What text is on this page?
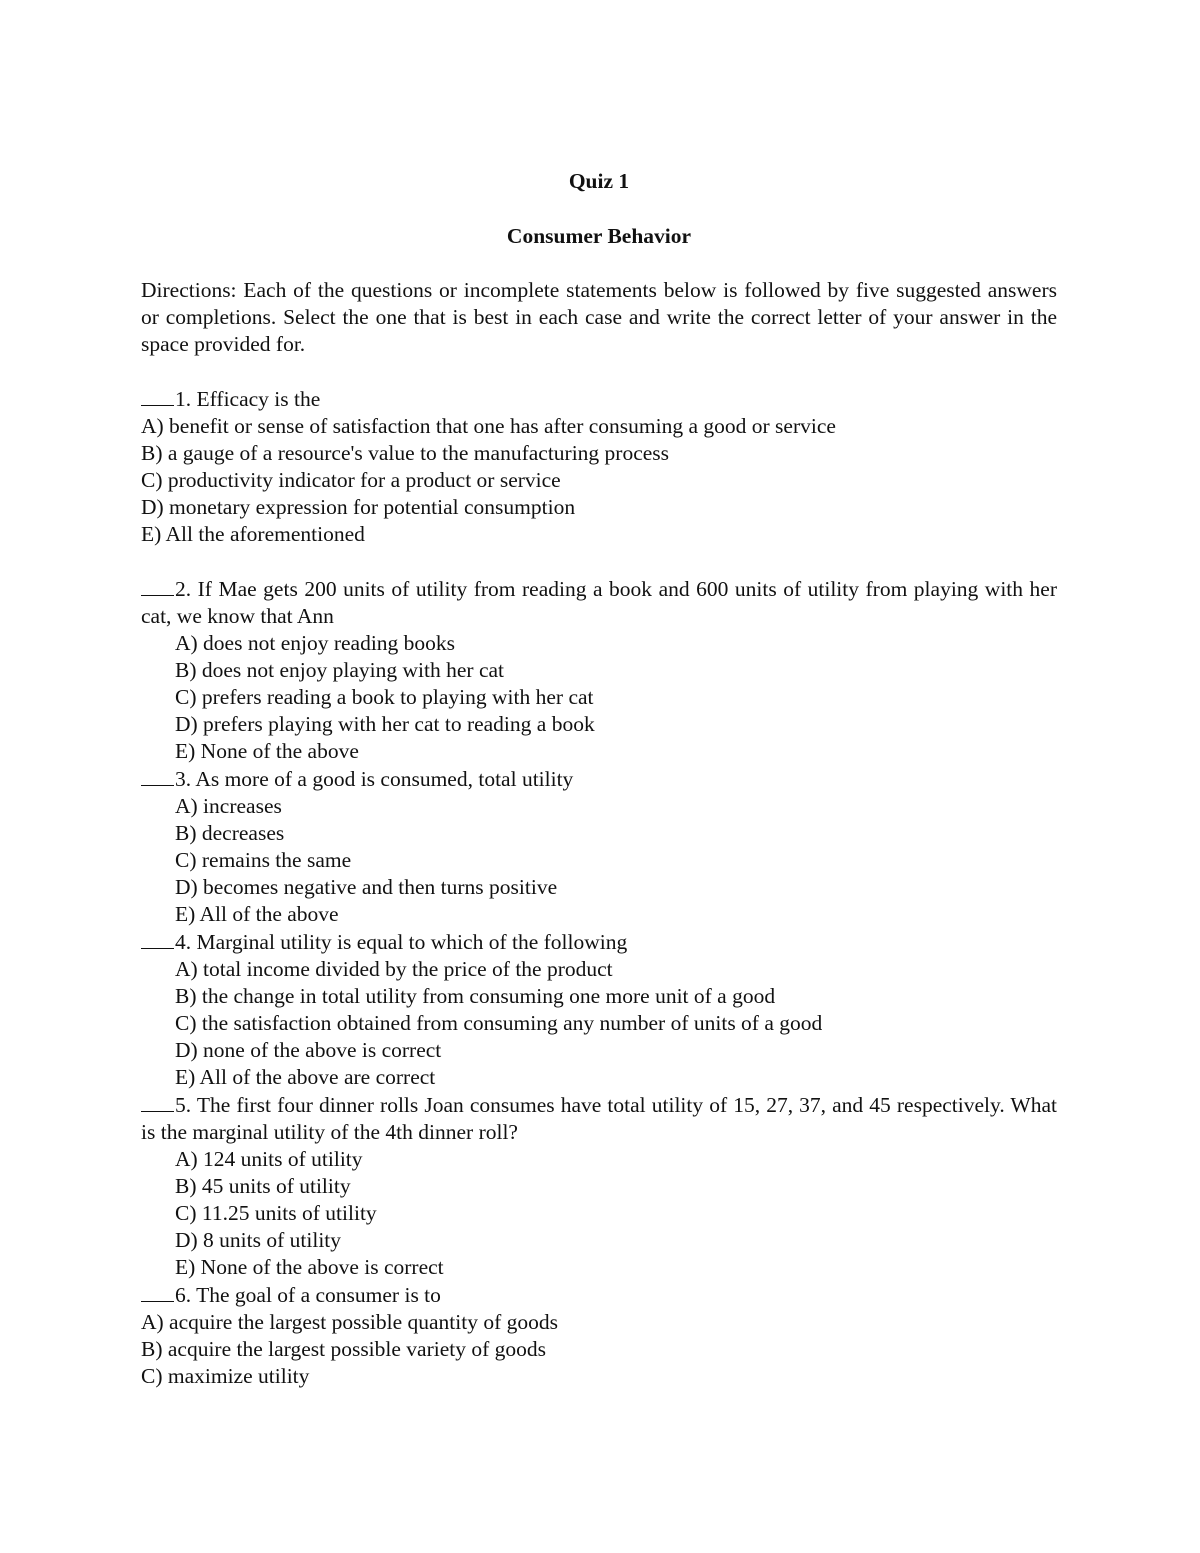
Quiz 1
Consumer Behavior
Directions: Each of the questions or incomplete statements below is followed by five suggested answers or completions. Select the one that is best in each case and write the correct letter of your answer in the space provided for.
1. Efficacy is the
A) benefit or sense of satisfaction that one has after consuming a good or service
B) a gauge of a resource's value to the manufacturing process
C) productivity indicator for a product or service
D) monetary expression for potential consumption
E) All the aforementioned
2. If Mae gets 200 units of utility from reading a book and 600 units of utility from playing with her cat, we know that Ann
A) does not enjoy reading books
B) does not enjoy playing with her cat
C) prefers reading a book to playing with her cat
D) prefers playing with her cat to reading a book
E) None of the above
3. As more of a good is consumed, total utility
A) increases
B) decreases
C) remains the same
D) becomes negative and then turns positive
E) All of the above
4. Marginal utility is equal to which of the following
A) total income divided by the price of the product
B) the change in total utility from consuming one more unit of a good
C) the satisfaction obtained from consuming any number of units of a good
D) none of the above is correct
E) All of the above are correct
5. The first four dinner rolls Joan consumes have total utility of 15, 27, 37, and 45 respectively. What is the marginal utility of the 4th dinner roll?
A) 124 units of utility
B) 45 units of utility
C) 11.25 units of utility
D) 8 units of utility
E) None of the above is correct
6. The goal of a consumer is to
A) acquire the largest possible quantity of goods
B) acquire the largest possible variety of goods
C) maximize utility
